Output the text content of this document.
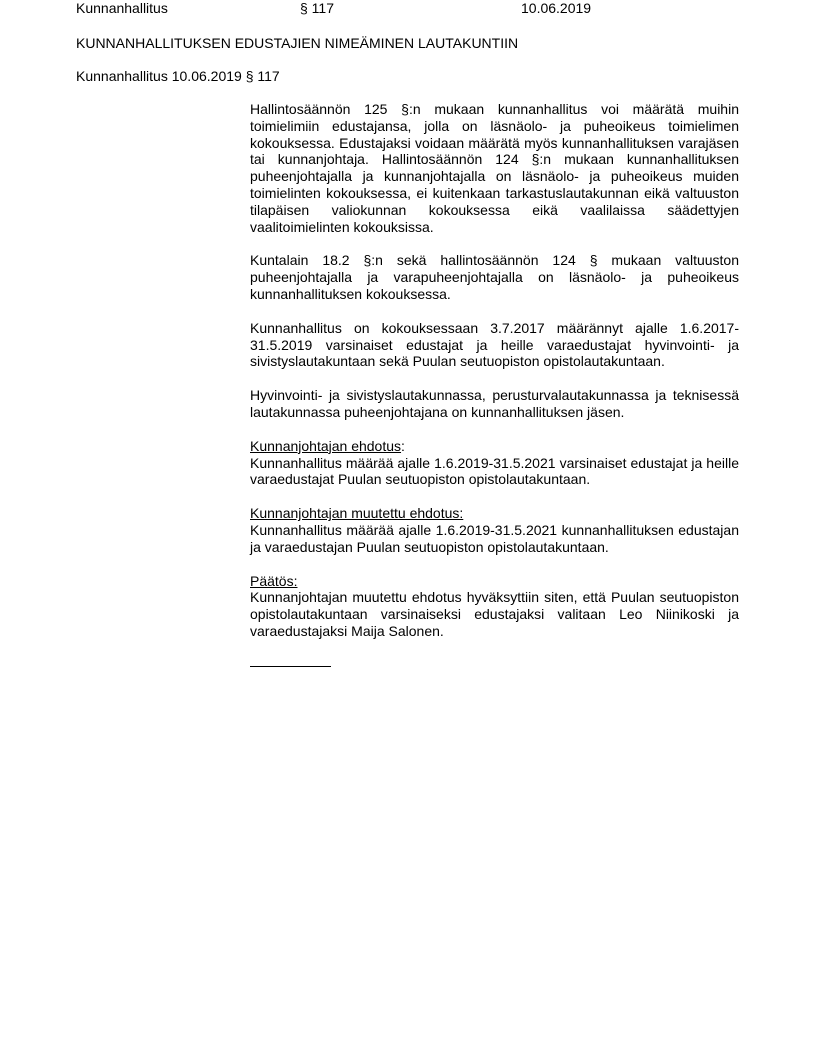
Kunnanhallitus	§ 117	10.06.2019
KUNNANHALLITUKSEN EDUSTAJIEN NIMEÄMINEN LAUTAKUNTIIN
Kunnanhallitus 10.06.2019 § 117

Hallintosäännön 125 §:n mukaan kunnanhallitus voi määrätä muihin toimielimiin edustajansa, jolla on läsnäolo- ja puheoikeus toimielimen kokouksessa. Edustajaksi voidaan määrätä myös kunnanhallituksen varajäsen tai kunnanjohtaja. Hallintosäännön 124 §:n mukaan kunnanhallituksen puheenjohtajalla ja kunnanjohtajalla on läsnäolo- ja puheoikeus muiden toimielinten kokouksessa, ei kuitenkaan tarkastuslautakunnan eikä valtuuston tilapäisen valiokunnan kokouksessa eikä vaalilaissa säädettyjen vaalitoimielinten kokouksissa.

Kuntalain 18.2 §:n sekä hallintosäännön 124 § mukaan valtuuston puheenjohtajalla ja varapuheenjohtajalla on läsnäolo- ja puheoikeus kunnanhallituksen kokouksessa.

Kunnanhallitus on kokouksessaan 3.7.2017 määrännyt ajalle 1.6.2017-31.5.2019 varsinaiset edustajat ja heille varaedustajat hyvinvointi- ja sivistyslautakuntaan sekä Puulan seutuopiston opistolautakuntaan.

Hyvinvointi- ja sivistyslautakunnassa, perusturvalautakunnassa ja teknisessä lautakunnassa puheenjohtajana on kunnanhallituksen jäsen.

Kunnanjohtajan ehdotus:

Kunnanhallitus määrää ajalle 1.6.2019-31.5.2021 varsinaiset edustajat ja heille varaedustajat Puulan seutuopiston opistolautakuntaan.

Kunnanjohtajan muutettu ehdotus:

Kunnanhallitus määrää ajalle 1.6.2019-31.5.2021 kunnanhallituksen edustajan ja varaedustajan Puulan seutuopiston opistolautakuntaan.

Päätös:

Kunnanjohtajan muutettu ehdotus hyväksyttiin siten, että Puulan seutuopiston opistolautakuntaan varsinaiseksi edustajaksi valitaan Leo Niinikoski ja varaedustajaksi Maija Salonen.
